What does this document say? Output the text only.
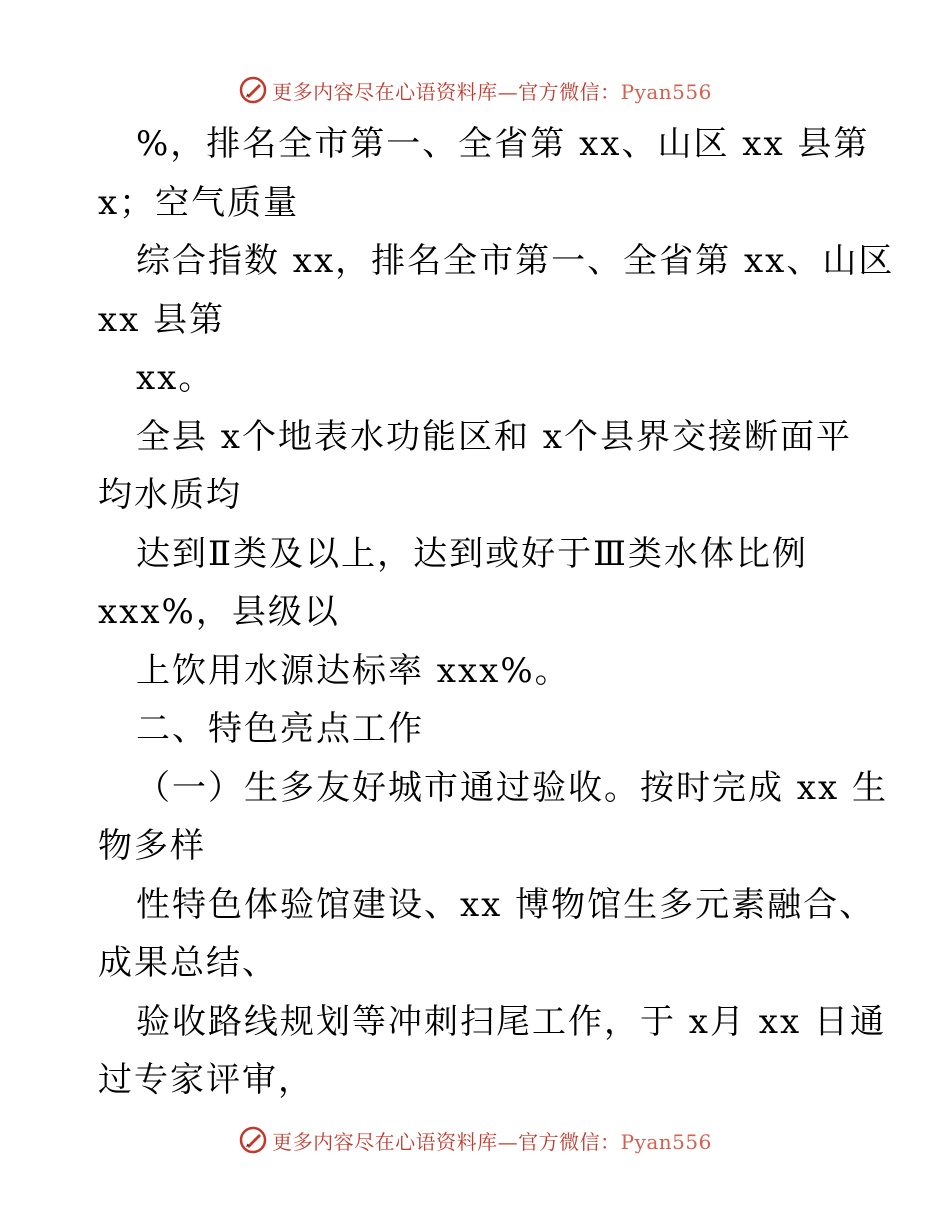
更多内容尽在心语资料库—官方微信：Pyan556
%，排名全市第一、全省第 xx、山区 xx 县第
x；空气质量
综合指数 xx，排名全市第一、全省第 xx、山区
xx 县第
xx。
全县 x个地表水功能区和 x个县界交接断面平
均水质均
达到Ⅱ类及以上，达到或好于Ⅲ类水体比例
xxx%，县级以
上饮用水源达标率 xxx%。
二、特色亮点工作
（一）生多友好城市通过验收。按时完成 xx 生
物多样
性特色体验馆建设、xx 博物馆生多元素融合、
成果总结、
验收路线规划等冲刺扫尾工作，于 x月 xx 日通
过专家评审，
更多内容尽在心语资料库—官方微信：Pyan556
